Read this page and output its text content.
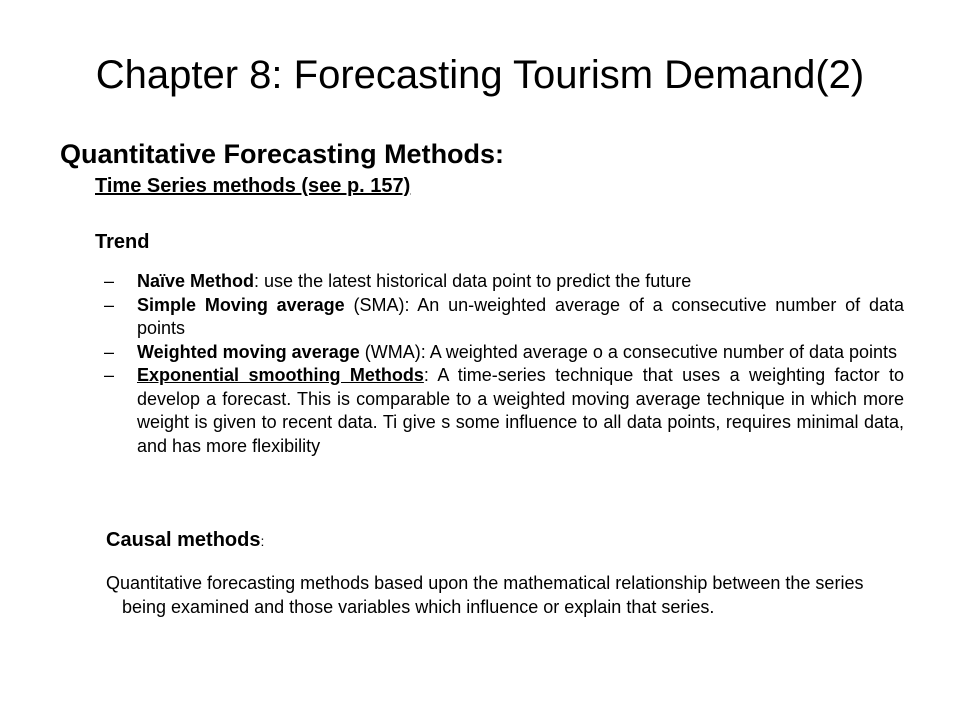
Chapter 8: Forecasting Tourism Demand(2)
Quantitative Forecasting Methods:
Time Series methods (see p. 157)
Trend
– Naïve Method: use the latest historical data point to predict the future
– Simple Moving average (SMA): An un-weighted average of a consecutive number of data points
– Weighted moving average (WMA): A weighted average o a consecutive number of data points
– Exponential smoothing Methods: A time-series technique that uses a weighting factor to develop a forecast. This is comparable to a weighted moving average technique in which more weight is given to recent data. Ti give s some influence to all data points, requires minimal data, and has more flexibility
Causal methods:
Quantitative forecasting methods based upon the mathematical relationship between the series being examined and those variables which influence or explain that series.
